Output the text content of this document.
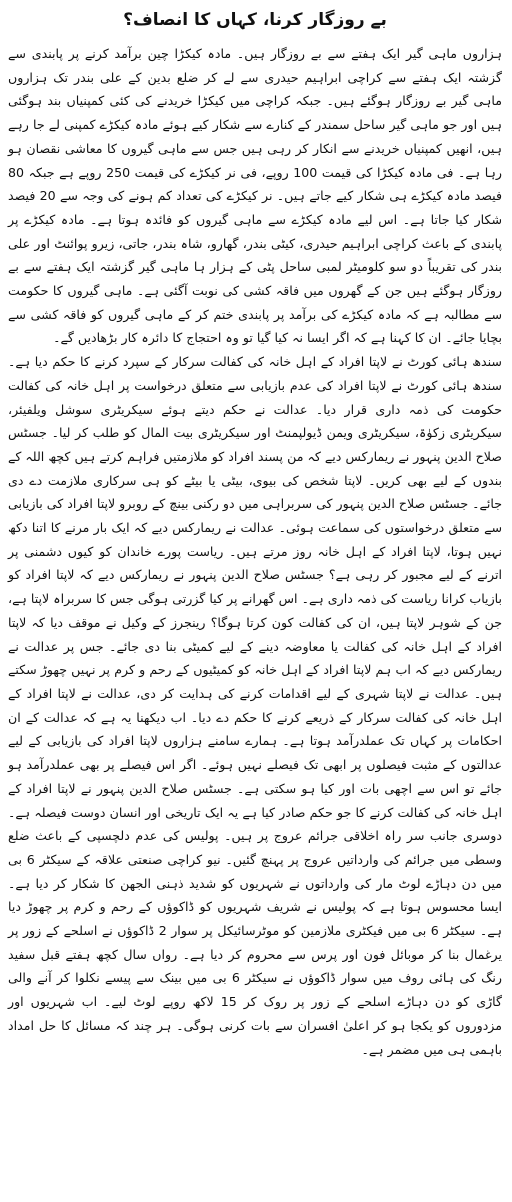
بے روزگار کرنا، کہاں کا انصاف؟

ہزاروں ماہی گیر ایک ہفتے سے بے روزگار ہیں۔ مادہ کیکڑا چین برآمد کرنے پر پابندی سے گزشتہ ایک ہفتے سے کراچی ابراہیم حیدری سے لے کر ضلع بدین کے علی بندر تک ہزاروں ماہی گیر بے روزگار ہوگئے ہیں۔ جبکہ کراچی میں کیکڑا خریدنے کی کئی کمپنیاں بند ہوگئی ہیں اور جو ماہی گیر ساحل سمندر کے کنارے سے شکار کیے ہوئے مادہ کیکڑے کمپنی لے جا رہے ہیں، انھیں کمپنیاں خریدنے سے انکار کر رہی ہیں جس سے ماہی گیروں کا معاشی نقصان ہو رہا ہے۔ فی مادہ کیکڑا کی قیمت 100 روپے، فی نر کیکڑے کی قیمت 250 روپے ہے جبکہ 80 فیصد مادہ کیکڑے ہی شکار کیے جاتے ہیں۔ نر کیکڑے کی تعداد کم ہونے کی وجہ سے 20 فیصد شکار کیا جاتا ہے۔ اس لیے مادہ کیکڑے سے ماہی گیروں کو فائدہ ہوتا ہے۔ مادہ کیکڑے پر پابندی کے باعث کراچی ابراہیم حیدری، کیٹی بندر، گھارو، شاہ بندر، جاتی، زیرو پوائنٹ اور علی بندر کی تقریباً دو سو کلومیٹر لمبی ساحل پٹی کے ہزار ہا ماہی گیر گزشتہ ایک ہفتے سے بے روزگار ہوگئے ہیں جن کے گھروں میں فاقہ کشی کی نوبت آگئی ہے۔ ماہی گیروں کا حکومت سے مطالبہ ہے کہ مادہ کیکڑے کی برآمد پر پابندی ختم کر کے ماہی گیروں کو فاقہ کشی سے بچایا جائے۔ ان کا کہنا ہے کہ اگر ایسا نہ کیا گیا تو وہ احتجاج کا دائرہ کار بڑھادیں گے۔

سندھ ہائی کورٹ نے لاپتا افراد کے اہل خانہ کی کفالت سرکار کے سپرد کرنے کا حکم دیا ہے۔ سندھ ہائی کورٹ نے لاپتا افراد کی عدم بازیابی سے متعلق درخواست پر اہل خانہ کی کفالت حکومت کی ذمہ داری قرار دیا۔ عدالت نے حکم دیتے ہوئے سیکریٹری سوشل ویلفیئر، سیکریٹری زکوٰۃ، سیکریٹری ویمن ڈیولپمنٹ اور سیکریٹری بیت المال کو طلب کر لیا۔ جسٹس صلاح الدین پنہور نے ریمارکس دیے کہ من پسند افراد کو ملازمتیں فراہم کرتے ہیں کچھ اللہ کے بندوں کے لیے بھی کریں۔ لاپتا شخص کی بیوی، بیٹی یا بیٹے کو ہی سرکاری ملازمت دے دی جائے۔ جسٹس صلاح الدین پنہور کی سربراہی میں دو رکنی بینچ کے روبرو لاپتا افراد کی بازیابی سے متعلق درخواستوں کی سماعت ہوئی۔ عدالت نے ریمارکس دیے کہ ایک بار مرنے کا اتنا دکھ نہیں ہوتا، لاپتا افراد کے اہل خانہ روز مرتے ہیں۔ ریاست پورے خاندان کو کیوں دشمنی پر اترنے کے لیے مجبور کر رہی ہے؟ جسٹس صلاح الدین پنہور نے ریمارکس دیے کہ لاپتا افراد کو بازیاب کرانا ریاست کی ذمہ داری ہے۔ اس گھرانے پر کیا گزرتی ہوگی جس کا سربراہ لاپتا ہے، جن کے شوہر لاپتا ہیں، ان کی کفالت کون کرتا ہوگا؟ رینجرز کے وکیل نے موقف دیا کہ لاپتا افراد کے اہل خانہ کی کفالت یا معاوضہ دینے کے لیے کمیٹی بنا دی جائے۔ جس پر عدالت نے ریمارکس دیے کہ اب ہم لاپتا افراد کے اہل خانہ کو کمیٹیوں کے رحم و کرم پر نہیں چھوڑ سکتے ہیں۔ عدالت نے لاپتا شہری کے لیے اقدامات کرنے کی ہدایت کر دی، عدالت نے لاپتا افراد کے اہل خانہ کی کفالت سرکار کے ذریعے کرنے کا حکم دے دیا۔ اب دیکھنا یہ ہے کہ عدالت کے ان احکامات پر کہاں تک عملدرآمد ہوتا ہے۔ ہمارے سامنے ہزاروں لاپتا افراد کی بازیابی کے لیے عدالتوں کے مثبت فیصلوں پر ابھی تک فیصلے نہیں ہوئے۔ اگر اس فیصلے پر بھی عملدرآمد ہو جائے تو اس سے اچھی بات اور کیا ہو سکتی ہے۔ جسٹس صلاح الدین پنہور نے لاپتا افراد کے اہل خانہ کی کفالت کرنے کا جو حکم صادر کیا ہے یہ ایک تاریخی اور انسان دوست فیصلہ ہے۔ دوسری جانب سر راہ اخلاقی جرائم عروج پر ہیں۔ پولیس کی عدم دلچسپی کے باعث ضلع وسطی میں جرائم کی وارداتیں عروج پر پہنچ گئیں۔ نیو کراچی صنعتی علاقہ کے سیکٹر 6 بی میں دن دہاڑے لوٹ مار کی وارداتوں نے شہریوں کو شدید ذہنی الجھن کا شکار کر دیا ہے۔ ایسا محسوس ہوتا ہے کہ پولیس نے شریف شہریوں کو ڈاکوؤں کے رحم و کرم پر چھوڑ دیا ہے۔ سیکٹر 6 بی میں فیکٹری ملازمین کو موٹرسائیکل پر سوار 2 ڈاکوؤں نے اسلحے کے زور پر یرغمال بنا کر موبائل فون اور پرس سے محروم کر دیا ہے۔ رواں سال کچھ ہفتے قبل سفید رنگ کی ہائی روف میں سوار ڈاکوؤں نے سیکٹر 6 بی میں بینک سے پیسے نکلوا کر آنے والی گاڑی کو دن دہاڑے اسلحے کے زور پر روک کر 15 لاکھ روپے لوٹ لیے۔ اب شہریوں اور مزدوروں کو یکجا ہو کر اعلیٰ افسران سے بات کرنی ہوگی۔ ہر چند کہ مسائل کا حل امداد باہمی ہی میں مضمر ہے۔
